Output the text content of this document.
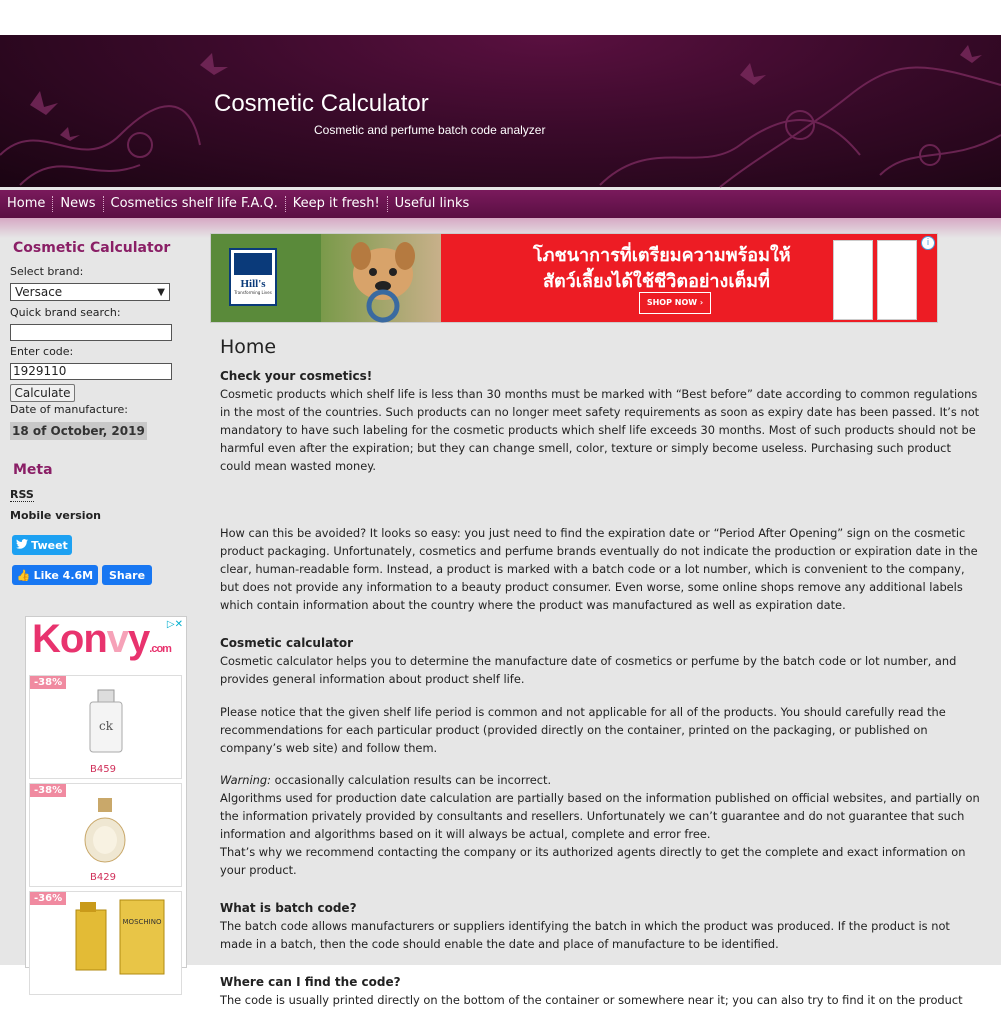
Cosmetic Calculator
Cosmetic and perfume batch code analyzer
Home	News	Cosmetics shelf life F.A.Q.	Keep it fresh!	Useful links
Cosmetic Calculator
Select brand:
Versace	▼
Quick brand search:
Enter code:
1929110
Calculate
Date of manufacture:
18 of October, 2019
Meta
RSS
Mobile version
Tweet
👍 Like 4.6M	Share
Konvy.com
▷✕
-38%
ck
B459
-38%
B429
-36%
MOSCHINO
Hill's
Transforming Lives
โภชนาการที่เตรียมความพร้อมให้
สัตว์เลี้ยงได้ใช้ชีวิตอย่างเต็มที่
SHOP NOW ›
i
Home
Check your cosmetics!

Cosmetic products which shelf life is less than 30 months must be marked with “Best before” date according to common regulations in the most of the countries. Such products can no longer meet safety requirements as soon as expiry date has been passed. It’s not mandatory to have such labeling for the cosmetic products which shelf life exceeds 30 months. Most of such products should not be harmful even after the expiration; but they can change smell, color, texture or simply become useless. Purchasing such product could mean wasted money.

How can this be avoided? It looks so easy: you just need to find the expiration date or “Period After Opening” sign on the cosmetic product packaging. Unfortunately, cosmetics and perfume brands eventually do not indicate the production or expiration date in the clear, human-readable form. Instead, a product is marked with a batch code or a lot number, which is convenient to the company, but does not provide any information to a beauty product consumer. Even worse, some online shops remove any additional labels which contain information about the country where the product was manufactured as well as expiration date.

Cosmetic calculator

Cosmetic calculator helps you to determine the manufacture date of cosmetics or perfume by the batch code or lot number, and provides general information about product shelf life.

Please notice that the given shelf life period is common and not applicable for all of the products. You should carefully read the recommendations for each particular product (provided directly on the container, printed on the packaging, or published on company’s web site) and follow them.

Warning: occasionally calculation results can be incorrect.

Algorithms used for production date calculation are partially based on the information published on official websites, and partially on the information privately provided by consultants and resellers. Unfortunately we can’t guarantee and do not guarantee that such information and algorithms based on it will always be actual, complete and error free.

That’s why we recommend contacting the company or its authorized agents directly to get the complete and exact information on your product.

What is batch code?

The batch code allows manufacturers or suppliers identifying the batch in which the product was produced. If the product is not made in a batch, then the code should enable the date and place of manufacture to be identified.

Where can I find the code?

The code is usually printed directly on the bottom of the container or somewhere near it; you can also try to find it on the product
